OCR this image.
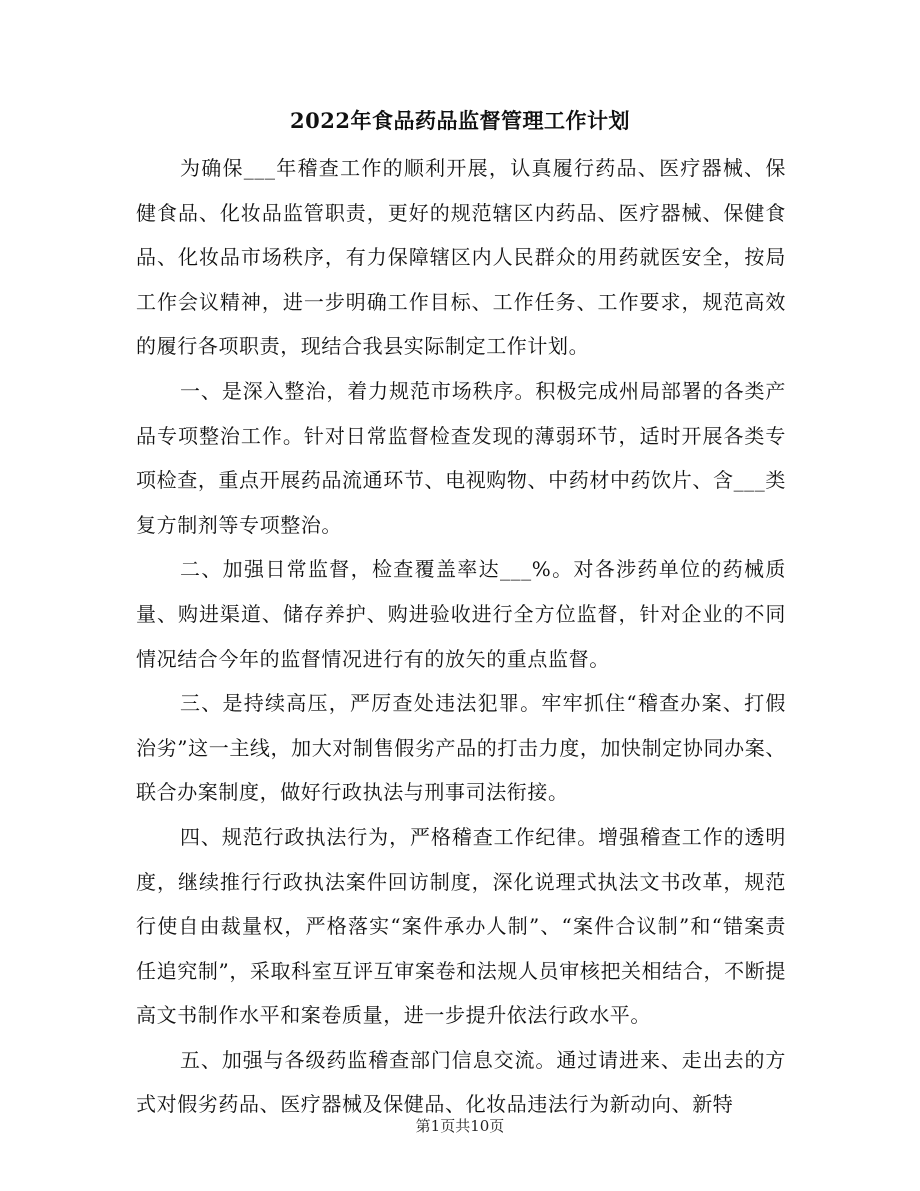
2022年食品药品监督管理工作计划

为确保___年稽查工作的顺利开展，认真履行药品、医疗器械、保健食品、化妆品监管职责，更好的规范辖区内药品、医疗器械、保健食品、化妆品市场秩序，有力保障辖区内人民群众的用药就医安全，按局工作会议精神，进一步明确工作目标、工作任务、工作要求，规范高效的履行各项职责，现结合我县实际制定工作计划。

一、是深入整治，着力规范市场秩序。积极完成州局部署的各类产品专项整治工作。针对日常监督检查发现的薄弱环节，适时开展各类专项检查，重点开展药品流通环节、电视购物、中药材中药饮片、含___类复方制剂等专项整治。

二、加强日常监督，检查覆盖率达___%。对各涉药单位的药械质量、购进渠道、储存养护、购进验收进行全方位监督，针对企业的不同情况结合今年的监督情况进行有的放矢的重点监督。

三、是持续高压，严厉查处违法犯罪。牢牢抓住“稽查办案、打假治劣”这一主线，加大对制售假劣产品的打击力度，加快制定协同办案、联合办案制度，做好行政执法与刑事司法衔接。

四、规范行政执法行为，严格稽查工作纪律。增强稽查工作的透明度，继续推行行政执法案件回访制度，深化说理式执法文书改革，规范行使自由裁量权，严格落实“案件承办人制”、“案件合议制”和“错案责任追究制”，采取科室互评互审案卷和法规人员审核把关相结合，不断提高文书制作水平和案卷质量，进一步提升依法行政水平。

五、加强与各级药监稽查部门信息交流。通过请进来、走出去的方式对假劣药品、医疗器械及保健品、化妆品违法行为新动向、新特

第1页共10页
